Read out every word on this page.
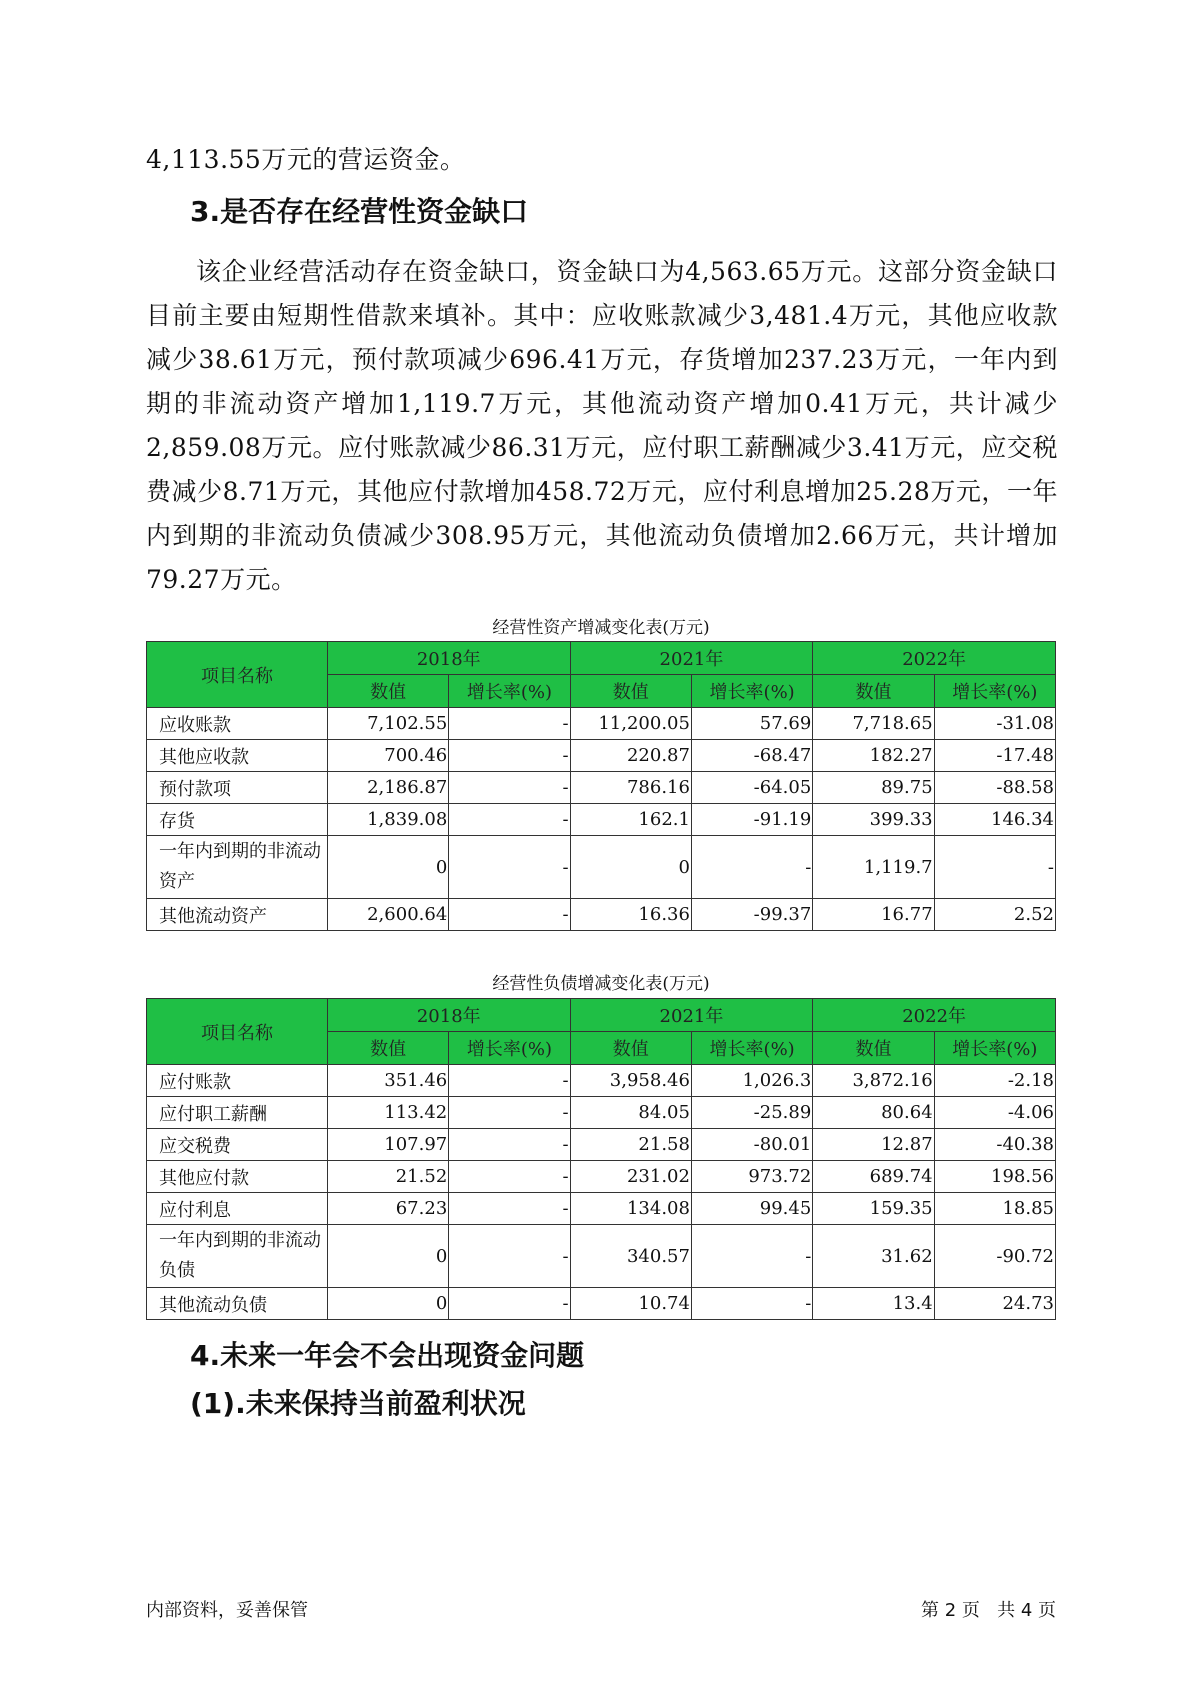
4,113.55万元的营运资金。

3.是否存在经营性资金缺口

该企业经营活动存在资金缺口，资金缺口为4,563.65万元。这部分资金缺口目前主要由短期性借款来填补。其中：应收账款减少3,481.4万元，其他应收款减少38.61万元，预付款项减少696.41万元，存货增加237.23万元，一年内到期的非流动资产增加1,119.7万元，其他流动资产增加0.41万元，共计减少2,859.08万元。应付账款减少86.31万元，应付职工薪酬减少3.41万元，应交税费减少8.71万元，其他应付款增加458.72万元，应付利息增加25.28万元，一年内到期的非流动负债减少308.95万元，其他流动负债增加2.66万元，共计增加79.27万元。

经营性资产增减变化表(万元)
项目名称	2018年		2021年		2022年	
	数值	增长率(%)	数值	增长率(%)	数值	增长率(%)
应收账款	7,102.55	-	11,200.05	57.69	7,718.65	-31.08
其他应收款	700.46	-	220.87	-68.47	182.27	-17.48
预付款项	2,186.87	-	786.16	-64.05	89.75	-88.58
存货	1,839.08	-	162.1	-91.19	399.33	146.34
一年内到期的非流动资产	0	-	0	-	1,119.7	-
其他流动资产	2,600.64	-	16.36	-99.37	16.77	2.52
经营性负债增减变化表(万元)
项目名称	2018年		2021年		2022年	
	数值	增长率(%)	数值	增长率(%)	数值	增长率(%)
应付账款	351.46	-	3,958.46	1,026.3	3,872.16	-2.18
应付职工薪酬	113.42	-	84.05	-25.89	80.64	-4.06
应交税费	107.97	-	21.58	-80.01	12.87	-40.38
其他应付款	21.52	-	231.02	973.72	689.74	198.56
应付利息	67.23	-	134.08	99.45	159.35	18.85
一年内到期的非流动负债	0	-	340.57	-	31.62	-90.72
其他流动负债	0	-	10.74	-	13.4	24.73
4.未来一年会不会出现资金问题
(1).未来保持当前盈利状况
内部资料，妥善保管	第 2 页   共 4 页
